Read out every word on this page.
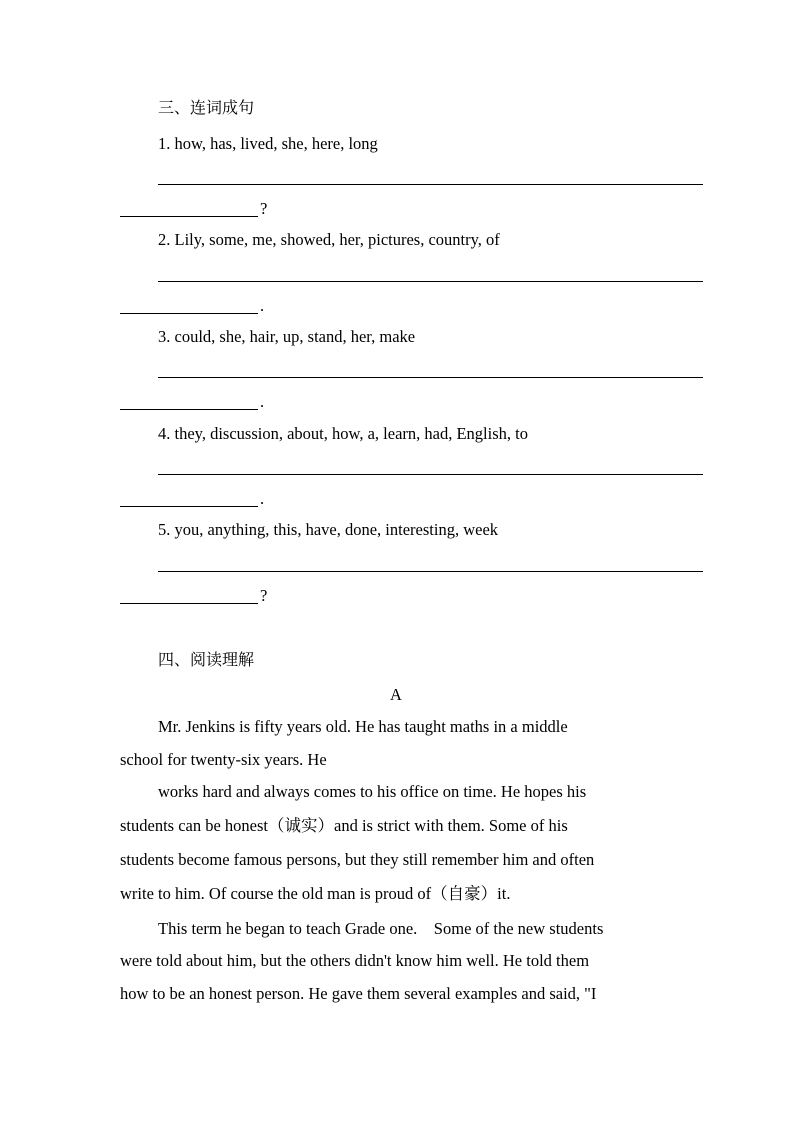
三、连词成句
1. how, has, lived, she, here, long
?
2. Lily, some, me, showed, her, pictures, country, of
.
3. could, she, hair, up, stand, her, make
.
4. they, discussion, about, how, a, learn, had, English, to
.
5. you, anything, this, have, done, interesting, week
?
四、阅读理解
A
Mr. Jenkins is fifty years old. He has taught maths in a middle
school for twenty-six years. He
works hard and always comes to his office on time. He hopes his
students can be honest（诚实）and is strict with them. Some of his
students become famous persons, but they still remember him and often
write to him. Of course the old man is proud of（自豪）it.
This term he began to teach Grade one.    Some of the new students
were told about him, but the others didn't know him well. He told them
how to be an honest person. He gave them several examples and said, "I
